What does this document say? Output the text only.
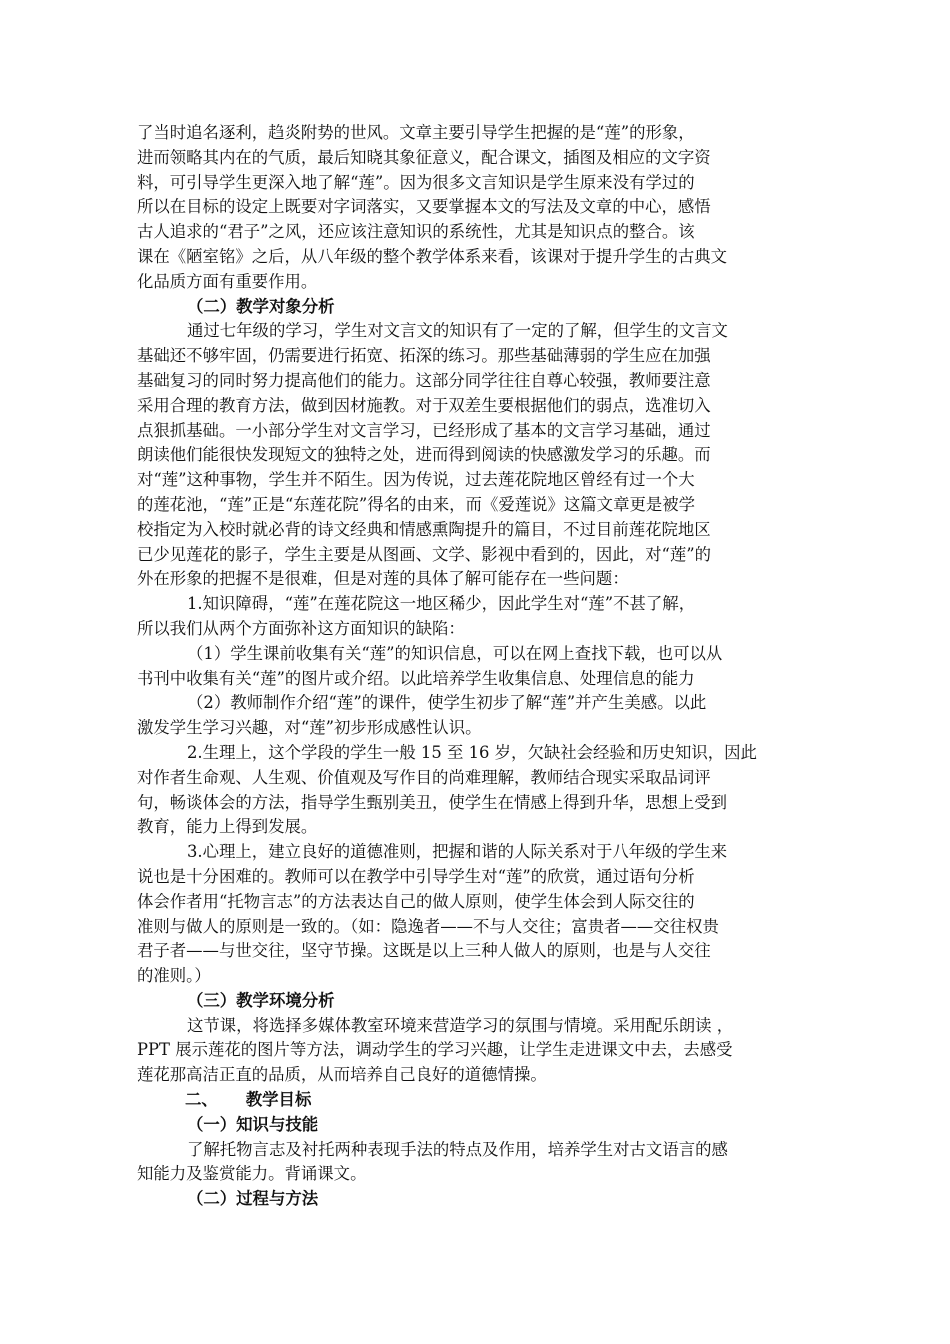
了当时追名逐利，趋炎附势的世风。文章主要引导学生把握的是“莲”的形象，
进而领略其内在的气质，最后知晓其象征意义，配合课文，插图及相应的文字资
料，可引导学生更深入地了解“莲”。因为很多文言知识是学生原来没有学过的
所以在目标的设定上既要对字词落实，又要掌握本文的写法及文章的中心，感悟
古人追求的“君子”之风，还应该注意知识的系统性，尤其是知识点的整合。该
课在《陋室铭》之后，从八年级的整个教学体系来看，该课对于提升学生的古典文
化品质方面有重要作用。
（二）教学对象分析
通过七年级的学习，学生对文言文的知识有了一定的了解，但学生的文言文
基础还不够牢固，仍需要进行拓宽、拓深的练习。那些基础薄弱的学生应在加强
基础复习的同时努力提高他们的能力。这部分同学往往自尊心较强，教师要注意
采用合理的教育方法，做到因材施教。对于双差生要根据他们的弱点，选准切入
点狠抓基础。一小部分学生对文言学习，已经形成了基本的文言学习基础，通过
朗读他们能很快发现短文的独特之处，进而得到阅读的快感激发学习的乐趣。而
对“莲”这种事物，学生并不陌生。因为传说，过去莲花院地区曾经有过一个大
的莲花池，“莲”正是“东莲花院”得名的由来，而《爱莲说》这篇文章更是被学
校指定为入校时就必背的诗文经典和情感熏陶提升的篇目，不过目前莲花院地区
已少见莲花的影子，学生主要是从图画、文学、影视中看到的，因此，对“莲”的
外在形象的把握不是很难，但是对莲的具体了解可能存在一些问题：
1.知识障碍，“莲”在莲花院这一地区稀少，因此学生对“莲”不甚了解，
所以我们从两个方面弥补这方面知识的缺陷：
（1）学生课前收集有关“莲”的知识信息，可以在网上查找下载，也可以从
书刊中收集有关“莲”的图片或介绍。以此培养学生收集信息、处理信息的能力
（2）教师制作介绍“莲”的课件，使学生初步了解“莲”并产生美感。以此
激发学生学习兴趣，对“莲”初步形成感性认识。
2.生理上，这个学段的学生一般 15 至 16 岁，欠缺社会经验和历史知识，因此
对作者生命观、人生观、价值观及写作目的尚难理解，教师结合现实采取品词评
句，畅谈体会的方法，指导学生甄别美丑，使学生在情感上得到升华，思想上受到
教育，能力上得到发展。
3.心理上，建立良好的道德准则，把握和谐的人际关系对于八年级的学生来
说也是十分困难的。教师可以在教学中引导学生对“莲”的欣赏，通过语句分析
体会作者用“托物言志”的方法表达自己的做人原则，使学生体会到人际交往的
准则与做人的原则是一致的。（如：隐逸者——不与人交往；富贵者——交往权贵
君子者——与世交往，坚守节操。这既是以上三种人做人的原则，也是与人交往
的准则。）
（三）教学环境分析
这节课，将选择多媒体教室环境来营造学习的氛围与情境。采用配乐朗读 ，
PPT 展示莲花的图片等方法，调动学生的学习兴趣，让学生走进课文中去，去感受
莲花那高洁正直的品质，从而培养自己良好的道德情操。
二、 教学目标
（一）知识与技能
了解托物言志及衬托两种表现手法的特点及作用，培养学生对古文语言的感
知能力及鉴赏能力。背诵课文。
（二）过程与方法
